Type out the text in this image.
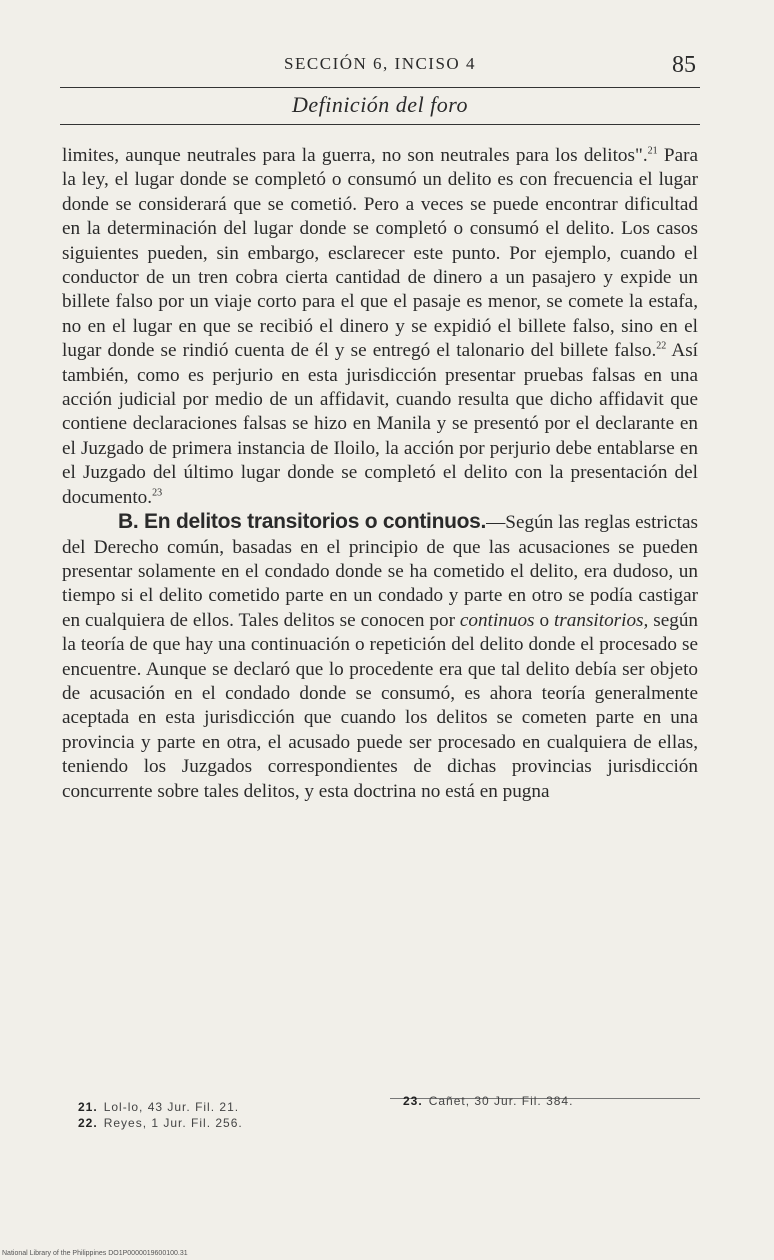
SECCIÓN 6, INCISO 4	85
Definición del foro

limites, aunque neutrales para la guerra, no son neutrales para los delitos".$^{21}$ Para la ley, el lugar donde se completó o consumó un delito es con frecuencia el lugar donde se considerará que se cometió. Pero a veces se puede encontrar dificultad en la determinación del lugar donde se completó o consumó el delito. Los casos siguientes pueden, sin embargo, esclarecer este punto. Por ejemplo, cuando el conductor de un tren cobra cierta cantidad de dinero a un pasajero y expide un billete falso por un viaje corto para el que el pasaje es menor, se comete la estafa, no en el lugar en que se recibió el dinero y se expidió el billete falso, sino en el lugar donde se rindió cuenta de él y se entregó el talonario del billete falso.$^{22}$ Así también, como es perjurio en esta jurisdicción presentar pruebas falsas en una acción judicial por medio de un affidavit, cuando resulta que dicho affidavit que contiene declaraciones falsas se hizo en Manila y se presentó por el declarante en el Juzgado de primera instancia de Iloilo, la acción por perjurio debe entablarse en el Juzgado del último lugar donde se completó el delito con la presentación del documento.$^{23}$

B. En delitos transitorios o continuos.—Según las reglas estrictas del Derecho común, basadas en el principio de que las acusaciones se pueden presentar solamente en el condado donde se ha cometido el delito, era dudoso, un tiempo si el delito cometido parte en un condado y parte en otro se podía castigar en cualquiera de ellos. Tales delitos se conocen por continuos o transitorios, según la teoría de que hay una continuación o repetición del delito donde el procesado se encuentre. Aunque se declaró que lo procedente era que tal delito debía ser objeto de acusación en el condado donde se consumó, es ahora teoría generalmente aceptada en esta jurisdicción que cuando los delitos se cometen parte en una provincia y parte en otra, el acusado puede ser procesado en cualquiera de ellas, teniendo los Juzgados correspondientes de dichas provincias jurisdicción concurrente sobre tales delitos, y esta doctrina no está en pugna

21. Lol-lo, 43 Jur. Fil. 21.
22. Reyes, 1 Jur. Fil. 256.
23. Cañet, 30 Jur. Fil. 384.
National Library of the Philippines DO1P0000019600100.31
